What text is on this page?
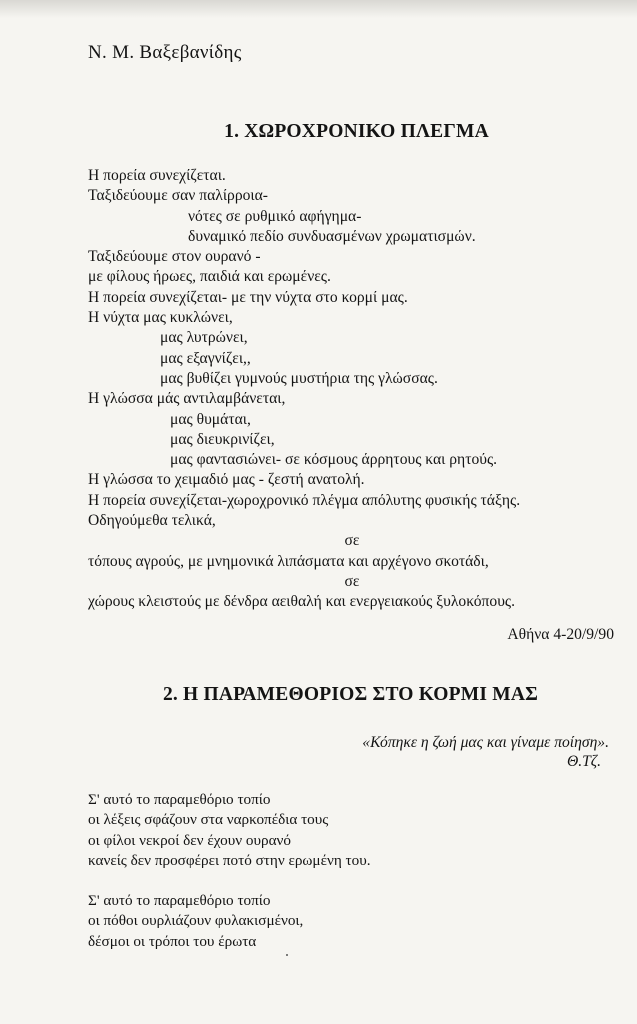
Ν. Μ. Βαξεβανίδης
1. ΧΩΡΟΧΡΟΝΙΚΟ ΠΛΕΓΜΑ
Η πορεία συνεχίζεται.
Ταξιδεύουμε σαν παλίρροια-
νότες σε ρυθμικό αφήγημα-
δυναμικό πεδίο συνδυασμένων χρωματισμών.
Ταξιδεύουμε στον ουρανό -
με φίλους ήρωες, παιδιά και ερωμένες.
Η πορεία συνεχίζεται- με την νύχτα στο κορμί μας.
Η νύχτα μας κυκλώνει,
μας λυτρώνει,
μας εξαγνίζει,,
μας βυθίζει γυμνούς μυστήρια της γλώσσας.
Η γλώσσα μάς αντιλαμβάνεται,
μας θυμάται,
μας διευκρινίζει,
μας φαντασιώνει- σε κόσμους άρρητους και ρητούς.
Η γλώσσα το χειμαδιό μας - ζεστή ανατολή.
Η πορεία συνεχίζεται-χωροχρονικό πλέγμα απόλυτης φυσικής τάξης.
Οδηγούμεθα τελικά,
σε
τόπους αγρούς, με μνημονικά λιπάσματα και αρχέγονο σκοτάδι,
σε
χώρους κλειστούς με δένδρα αειθαλή και ενεργειακούς ξυλοκόπους.
Αθήνα 4-20/9/90
2. Η ΠΑΡΑΜΕΘΟΡΙΟΣ ΣΤΟ ΚΟΡΜΙ ΜΑΣ
«Κόπηκε η ζωή μας και γίναμε ποίηση».
Θ.Τζ.
Σ' αυτό το παραμεθόριο τοπίο
οι λέξεις σφάζουν στα ναρκοπέδια τους
οι φίλοι νεκροί δεν έχουν ουρανό
κανείς δεν προσφέρει ποτό στην ερωμένη του.
Σ' αυτό το παραμεθόριο τοπίο
οι πόθοι ουρλιάζουν φυλακισμένοι,
δέσμοι οι τρόποι του έρωτα
